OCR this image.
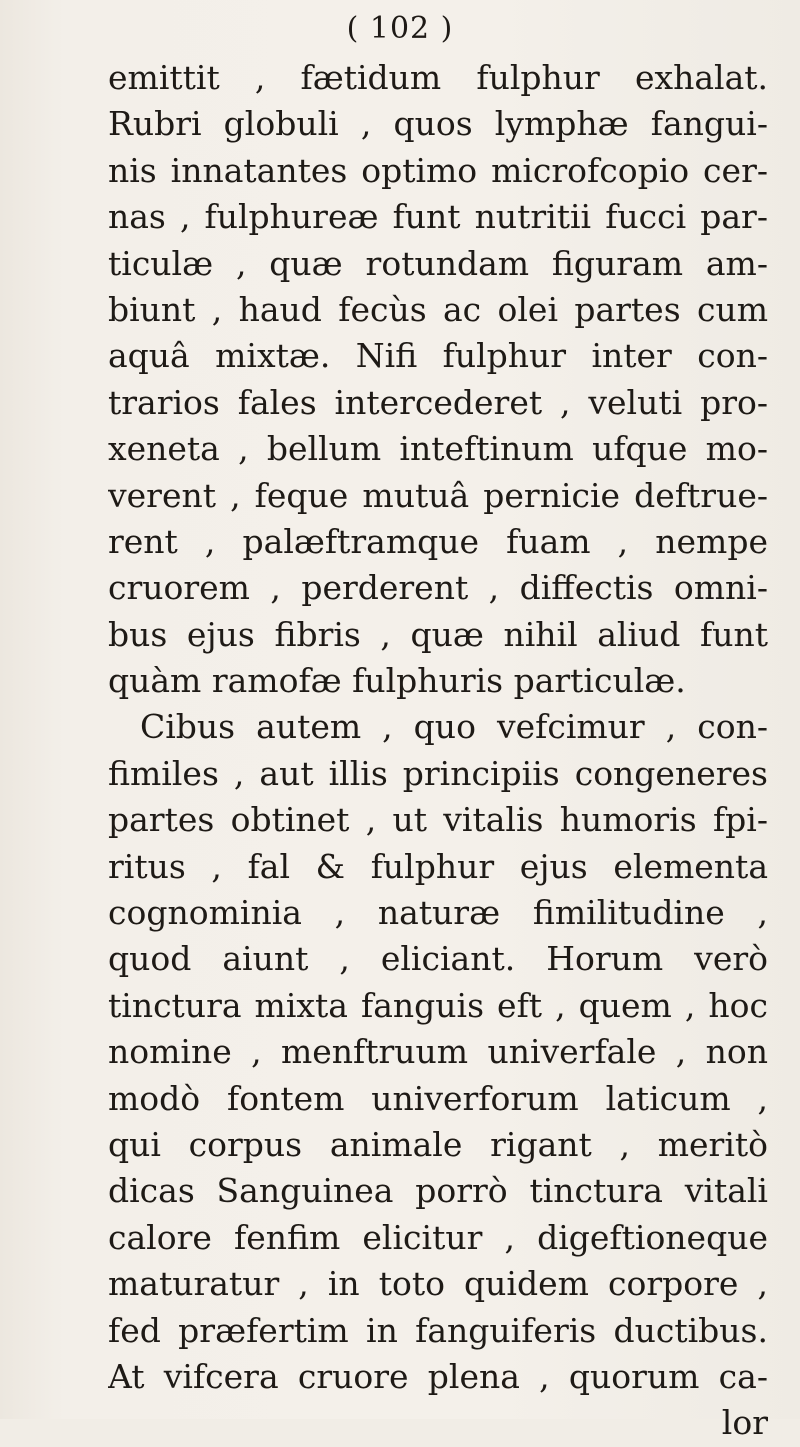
( 102 )
emittit , fætidum fulphur exhalat.
Rubri globuli , quos lymphæ fangui-
nis innatantes optimo microfcopio cer-
nas , fulphureæ funt nutritii fucci par-
ticulæ , quæ rotundam figuram am-
biunt , haud fecùs ac olei partes cum
aquâ mixtæ. Nifi fulphur inter con-
trarios fales intercederet , veluti pro-
xeneta , bellum inteftinum ufque mo-
verent , feque mutuâ pernicie deftrue-
rent , palæftramque fuam , nempe
cruorem , perderent , diffectis omni-
bus ejus fibris , quæ nihil aliud funt
quàm ramofæ fulphuris particulæ.
Cibus autem , quo vefcimur , con-
fimiles , aut illis principiis congeneres
partes obtinet , ut vitalis humoris fpi-
ritus , fal & fulphur ejus elementa
cognominia , naturæ fimilitudine ,
quod aiunt , eliciant. Horum verò
tinctura mixta fanguis eft , quem , hoc
nomine , menftruum univerfale , non
modò fontem univerforum laticum ,
qui corpus animale rigant , meritò
dicas Sanguinea porrò tinctura vitali
calore fenfim elicitur , digeftioneque
maturatur , in toto quidem corpore ,
fed præfertim in fanguiferis ductibus.
At vifcera cruore plena , quorum ca-
lor
